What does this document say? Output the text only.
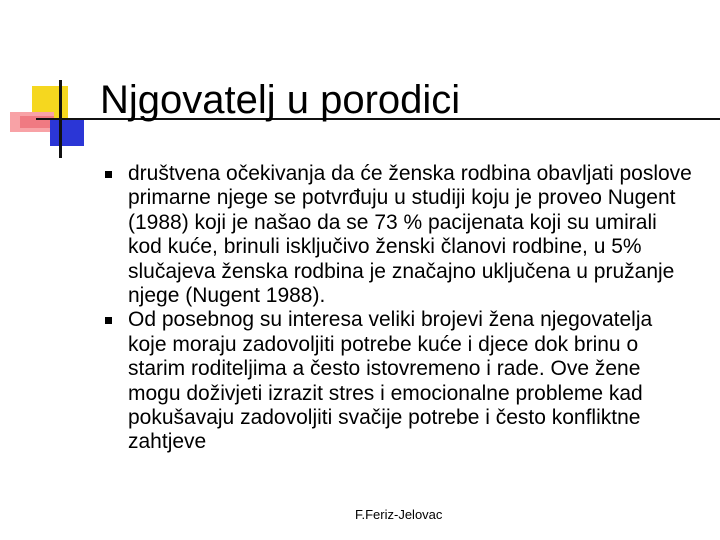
Njgovatelj u porodici
društvena očekivanja da će ženska rodbina obavljati poslove primarne njege se potvrđuju u studiji koju je proveo Nugent (1988) koji je našao da se 73 % pacijenata koji su umirali kod kuće, brinuli isključivo ženski članovi rodbine, u 5% slučajeva ženska rodbina je značajno uključena u pružanje njege (Nugent 1988).
Od posebnog su interesa veliki brojevi žena njegovatelja koje moraju zadovoljiti potrebe kuće i djece dok brinu o starim roditeljima a često istovremeno i rade. Ove žene mogu doživjeti izrazit stres i emocionalne probleme kad pokušavaju zadovoljiti svačije potrebe i često konfliktne zahtjeve
F.Feriz-Jelovac
